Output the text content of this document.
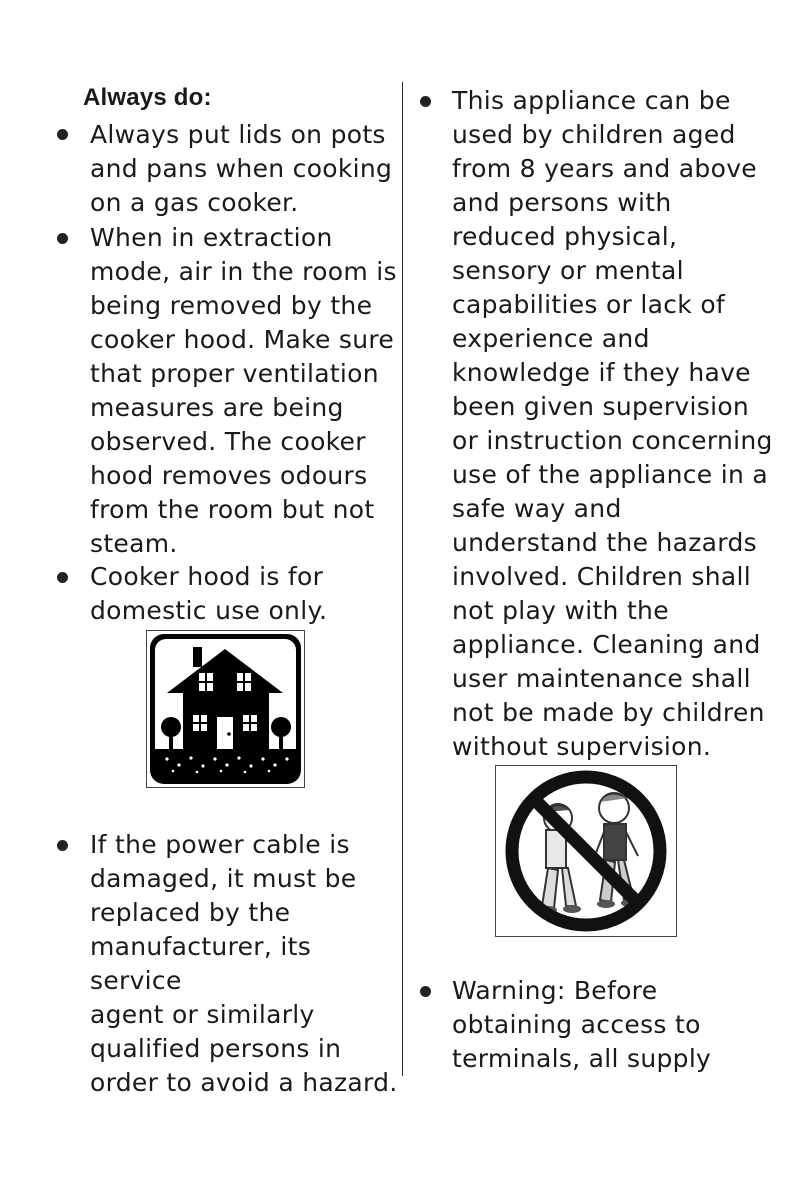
Always do:
Always put lids on pots
and pans when cooking
on a gas cooker.
When in extraction
mode, air in the room is
being removed by the
cooker hood. Make sure
that proper ventilation
measures are being
observed. The cooker
hood removes odours
from the room but not
steam.
Cooker hood is for
domestic use only.
If the power cable is
damaged, it must be
replaced by the
manufacturer, its service
agent or similarly
qualified persons in
order to avoid a hazard.
This appliance can be
used by children aged
from 8 years and above
and persons with
reduced physical,
sensory or mental
capabilities or lack of
experience and
knowledge if they have
been given supervision
or instruction concerning
use of the appliance in a
safe way and
understand the hazards
involved. Children shall
not play with the
appliance. Cleaning and
user maintenance shall
not be made by children
without supervision.
Warning: Before
obtaining access to
terminals, all supply
